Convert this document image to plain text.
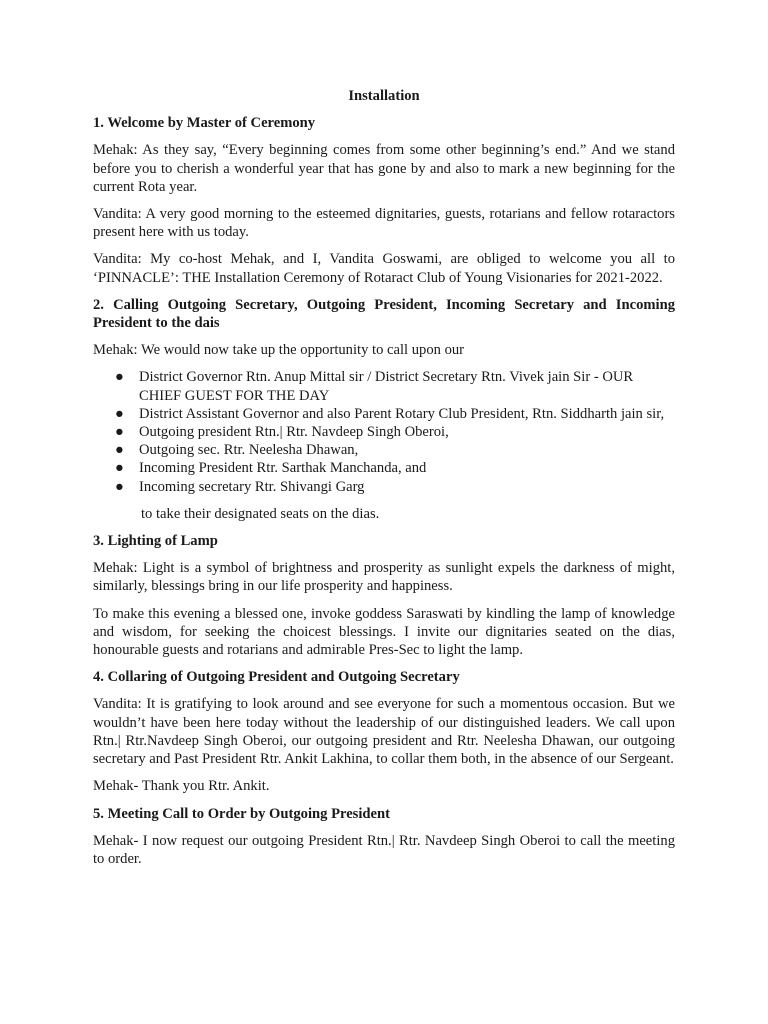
Installation
1. Welcome by Master of Ceremony

Mehak: As they say, “Every beginning comes from some other beginning’s end.” And we stand before you to cherish a wonderful year that has gone by and also to mark a new beginning for the current Rota year.

Vandita: A very good morning to the esteemed dignitaries, guests, rotarians and fellow rotaractors present here with us today.

Vandita: My co-host Mehak, and I, Vandita Goswami, are obliged to welcome you all to ‘PINNACLE’: THE Installation Ceremony of Rotaract Club of Young Visionaries for 2021-2022.

2. Calling Outgoing Secretary, Outgoing President, Incoming Secretary and Incoming President to the dais

Mehak: We would now take up the opportunity to call upon our

● District Governor Rtn. Anup Mittal sir / District Secretary Rtn. Vivek jain Sir - OUR CHIEF GUEST FOR THE DAY
● District Assistant Governor and also Parent Rotary Club President, Rtn. Siddharth jain sir,
● Outgoing president Rtn.| Rtr. Navdeep Singh Oberoi,
● Outgoing sec. Rtr. Neelesha Dhawan,
● Incoming President Rtr. Sarthak Manchanda, and
● Incoming secretary Rtr. Shivangi Garg

to take their designated seats on the dias.

3. Lighting of Lamp

Mehak: Light is a symbol of brightness and prosperity as sunlight expels the darkness of might, similarly, blessings bring in our life prosperity and happiness.

To make this evening a blessed one, invoke goddess Saraswati by kindling the lamp of knowledge and wisdom, for seeking the choicest blessings. I invite our dignitaries seated on the dias, honourable guests and rotarians and admirable Pres-Sec to light the lamp.

4. Collaring of Outgoing President and Outgoing Secretary

Vandita: It is gratifying to look around and see everyone for such a momentous occasion. But we wouldn’t have been here today without the leadership of our distinguished leaders. We call upon Rtn.| Rtr.Navdeep Singh Oberoi, our outgoing president and Rtr. Neelesha Dhawan, our outgoing secretary and Past President Rtr. Ankit Lakhina, to collar them both, in the absence of our Sergeant.

Mehak- Thank you Rtr. Ankit.

5. Meeting Call to Order by Outgoing President

Mehak- I now request our outgoing President Rtn.| Rtr. Navdeep Singh Oberoi to call the meeting to order.
